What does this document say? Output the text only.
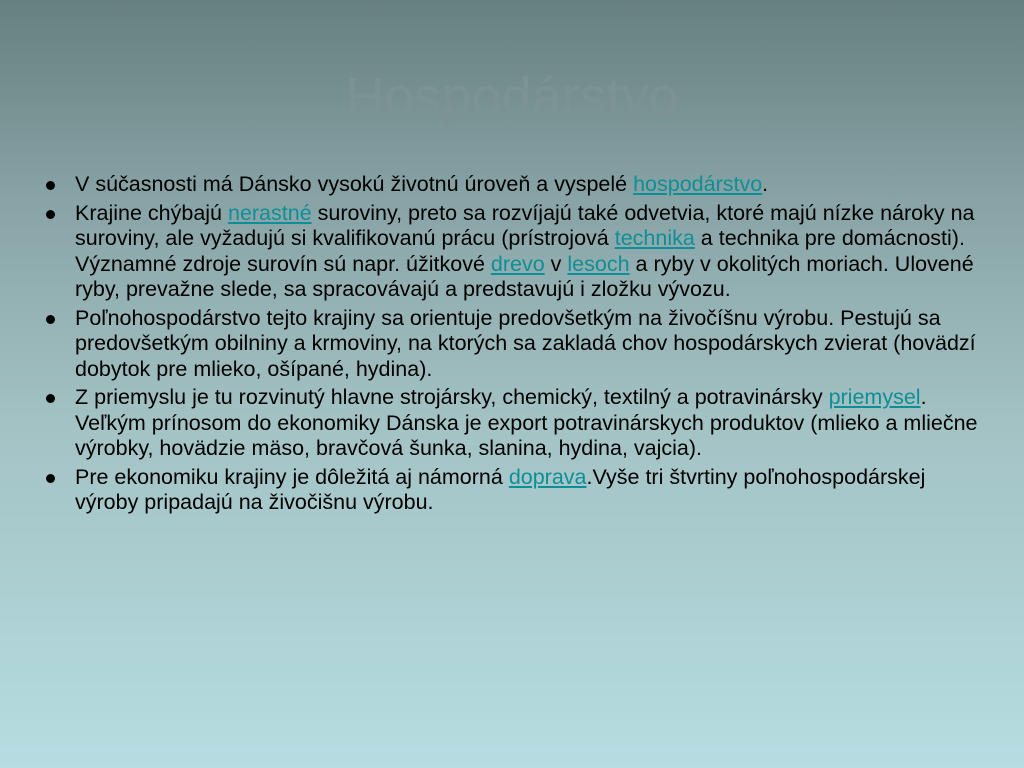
Hospodárstvo
V súčasnosti má Dánsko vysokú životnú úroveň a vyspelé hospodárstvo.
Krajine chýbajú nerastné suroviny, preto sa rozvíjajú také odvetvia, ktoré majú nízke nároky na suroviny, ale vyžadujú si kvalifikovanú prácu (prístrojová technika a technika pre domácnosti). Významné zdroje surovín sú napr. úžitkové drevo v lesoch a ryby v okolitých moriach. Ulovené ryby, prevažne slede, sa spracovávajú a predstavujú i zložku vývozu.
Poľnohospodárstvo tejto krajiny sa orientuje predovšetkým na živočíšnu výrobu. Pestujú sa predovšetkým obilniny a krmoviny, na ktorých sa zakladá chov hospodárskych zvierat (hovädzí dobytok pre mlieko, ošípané, hydina).
Z priemyslu je tu rozvinutý hlavne strojársky, chemický, textilný a potravinársky priemysel. Veľkým prínosom do ekonomiky Dánska je export potravinárskych produktov (mlieko a mliečne výrobky, hovädzie mäso, bravčová šunka, slanina, hydina, vajcia).
Pre ekonomiku krajiny je dôležitá aj námorná doprava.Vyše tri štvrtiny poľnohospodárskej výroby pripadajú na živočišnu výrobu.
